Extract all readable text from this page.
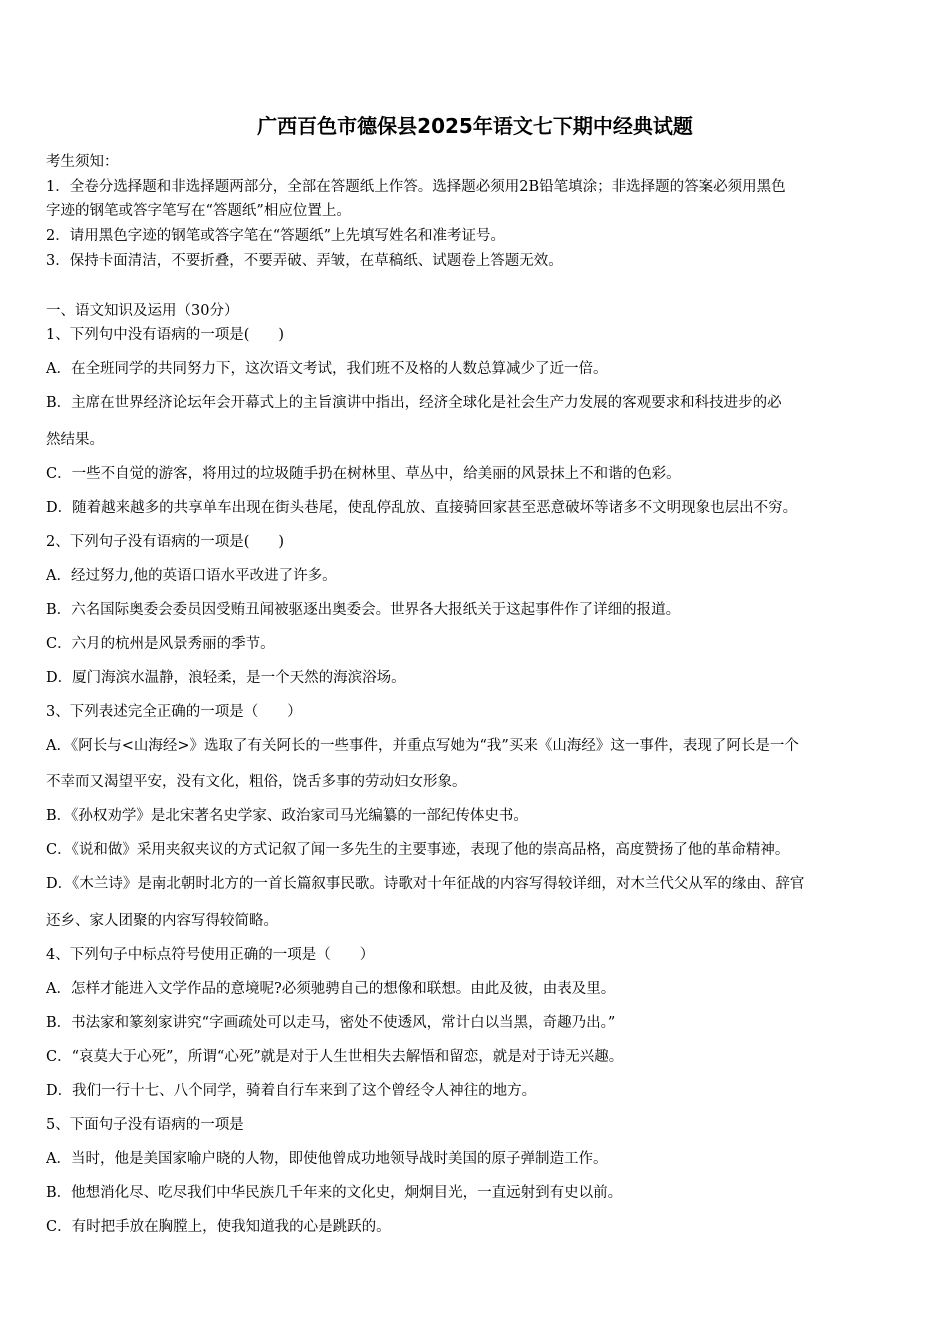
广西百色市德保县2025年语文七下期中经典试题
考生须知：
1．全卷分选择题和非选择题两部分，全部在答题纸上作答。选择题必须用2B铅笔填涂；非选择题的答案必须用黑色
字迹的钢笔或答字笔写在“答题纸”相应位置上。
2．请用黑色字迹的钢笔或答字笔在“答题纸”上先填写姓名和准考证号。
3．保持卡面清洁，不要折叠，不要弄破、弄皱，在草稿纸、试题卷上答题无效。
一、语文知识及运用（30分）
1、下列句中没有语病的一项是(　　)
A．在全班同学的共同努力下，这次语文考试，我们班不及格的人数总算减少了近一倍。
B．主席在世界经济论坛年会开幕式上的主旨演讲中指出，经济全球化是社会生产力发展的客观要求和科技进步的必
然结果。
C．一些不自觉的游客，将用过的垃圾随手扔在树林里、草丛中，给美丽的风景抹上不和谐的色彩。
D．随着越来越多的共享单车出现在街头巷尾，使乱停乱放、直接骑回家甚至恶意破坏等诸多不文明现象也层出不穷。
2、下列句子没有语病的一项是(　　)
A．经过努力,他的英语口语水平改进了许多。
B．六名国际奥委会委员因受贿丑闻被驱逐出奥委会。世界各大报纸关于这起事件作了详细的报道。
C．六月的杭州是风景秀丽的季节。
D．厦门海滨水温静，浪轻柔，是一个天然的海滨浴场。
3、下列表述完全正确的一项是（　　）
A．《阿长与<山海经>》选取了有关阿长的一些事件，并重点写她为“我”买来《山海经》这一事件，表现了阿长是一个
不幸而又渴望平安，没有文化，粗俗，饶舌多事的劳动妇女形象。
B．《孙权劝学》是北宋著名史学家、政治家司马光编纂的一部纪传体史书。
C．《说和做》采用夹叙夹议的方式记叙了闻一多先生的主要事迹，表现了他的崇高品格，高度赞扬了他的革命精神。
D．《木兰诗》是南北朝时北方的一首长篇叙事民歌。诗歌对十年征战的内容写得较详细，对木兰代父从军的缘由、辞官
还乡、家人团聚的内容写得较简略。
4、下列句子中标点符号使用正确的一项是（　　）
A．怎样才能进入文学作品的意境呢?必须驰骋自己的想像和联想。由此及彼，由表及里。
B．书法家和篆刻家讲究“字画疏处可以走马，密处不使透风，常计白以当黑，奇趣乃出。”
C．“哀莫大于心死”，所谓“心死”就是对于人生世相失去解悟和留恋，就是对于诗无兴趣。
D．我们一行十七、八个同学，骑着自行车来到了这个曾经令人神往的地方。
5、下面句子没有语病的一项是
A．当时，他是美国家喻户晓的人物，即使他曾成功地领导战时美国的原子弹制造工作。
B．他想消化尽、吃尽我们中华民族几千年来的文化史，炯炯目光，一直远射到有史以前。
C．有时把手放在胸膛上，使我知道我的心是跳跃的。
